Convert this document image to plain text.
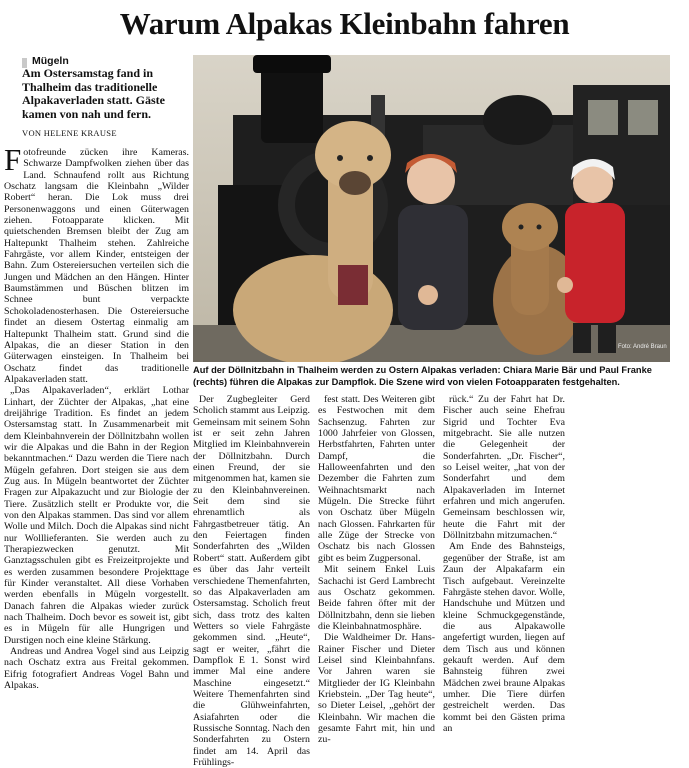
Warum Alpakas Kleinbahn fahren
Mügeln
Am Ostersamstag fand in Thalheim das traditionelle Alpakaverladen statt. Gäste kamen von nah und fern.
VON HELENE KRAUSE

Fotofreunde zücken ihre Kameras. Schwarze Dampfwolken ziehen über das Land. Schnaufend rollt aus Richtung Oschatz langsam die Kleinbahn „Wilder Robert“ heran. Die Lok muss drei Personenwaggons und einen Güterwagen ziehen. Fotoapparate klicken. Mit quietschenden Bremsen bleibt der Zug am Haltepunkt Thalheim stehen. Zahlreiche Fahrgäste, vor allem Kinder, entsteigen der Bahn. Zum Ostereiersuchen verteilen sich die Jungen und Mädchen an den Hängen. Hinter Baumstämmen und Büschen blitzen im Schnee bunt verpackte Schokoladenosterhasen. Die Ostereiersuche findet an diesem Ostertag einmalig am Haltepunkt Thalheim statt. Grund sind die Alpakas, die an dieser Station in den Güterwagen einsteigen. In Thalheim bei Oschatz findet das traditionelle Alpakaverladen statt.

„Das Alpakaverladen“, erklärt Lothar Linhart, der Züchter der Alpakas, „hat eine dreijährige Tradition. Es findet an jedem Ostersamstag statt. In Zusammenarbeit mit dem Kleinbahnverein der Döllnitzbahn wollen wir die Alpakas und die Bahn in der Region bekanntmachen.“ Dazu werden die Tiere nach Mügeln gefahren. Dort steigen sie aus dem Zug aus. In Mügeln beantwortet der Züchter Fragen zur Alpakazucht und zur Biologie der Tiere. Zusätzlich stellt er Produkte vor, die von den Alpakas stammen. Das sind vor allem Wolle und Milch. Doch die Alpakas sind nicht nur Wolllieferanten. Sie werden auch zu Therapiezwecken genutzt. Mit Ganztagsschulen gibt es Freizeitprojekte und es werden zusammen besondere Projekttage für Kinder veranstaltet. All diese Vorhaben werden ebenfalls in Mügeln vorgestellt. Danach fahren die Alpakas wieder zurück nach Thalheim. Doch bevor es soweit ist, gibt es in Mügeln für alle Hungrigen und Durstigen noch eine kleine Stärkung.

Andreas und Andrea Vogel sind aus Leipzig nach Oschatz extra aus Freital gekommen. Eifrig fotografiert Andreas Vogel Bahn und Alpakas.

Foto: André Braun
Auf der Döllnitzbahn in Thalheim werden zu Ostern Alpakas verladen: Chiara Marie Bär und Paul Franke (rechts) führen die Alpakas zur Dampflok. Die Szene wird von vielen Fotoapparaten festgehalten.

Der Zugbegleiter Gerd Scholich stammt aus Leipzig. Gemeinsam mit seinem Sohn ist er seit zehn Jahren Mitglied im Kleinbahnverein der Döllnitzbahn. Durch einen Freund, der sie mitgenommen hat, kamen sie zu den Kleinbahnvereinen. Seit dem sind sie ehrenamtlich als Fahrgastbetreuer tätig. An den Feiertagen finden Sonderfahrten des „Wilden Robert“ statt. Außerdem gibt es über das Jahr verteilt verschiedene Themenfahrten, so das Alpakaverladen am Ostersamstag. Scholich freut sich, dass trotz des kalten Wetters so viele Fahrgäste gekommen sind. „Heute“, sagt er weiter, „fährt die Dampflok E 1. Sonst wird immer Mal eine andere Maschine eingesetzt.“ Weitere Themenfahrten sind die Glühweinfahrten, Asiafahrten oder die Russische Sonntag. Nach den Sonderfahrten zu Ostern findet am 14. April das Frühlings-

fest statt. Des Weiteren gibt es Festwochen mit dem Sachsenzug. Fahrten zur 1000 Jahrfeier von Glossen, Herbstfahrten, Fahrten unter Dampf, die Halloweenfahrten und den Dezember die Fahrten zum Weihnachtsmarkt nach Mügeln. Die Strecke führt von Oschatz über Mügeln nach Glossen. Fahrkarten für alle Züge der Strecke von Oschatz bis nach Glossen gibt es beim Zugpersonal.

Mit seinem Enkel Luis Sachachi ist Gerd Lambrecht aus Oschatz gekommen. Beide fahren öfter mit der Döllnitzbahn, denn sie lieben die Kleinbahnatmosphäre.

Die Waldheimer Dr. Hans-Rainer Fischer und Dieter Leisel sind Kleinbahnfans. Vor Jahren waren sie Mitglieder der IG Kleinbahn Kriebstein. „Der Tag heute“, so Dieter Leisel, „gehört der Kleinbahn. Wir machen die gesamte Fahrt mit, hin und zu-

rück.“ Zu der Fahrt hat Dr. Fischer auch seine Ehefrau Sigrid und Tochter Eva mitgebracht. Sie alle nutzen die Gelegenheit der Sonderfahrten. „Dr. Fischer“, so Leisel weiter, „hat von der Sonderfahrt und dem Alpakaverladen im Internet erfahren und mich angerufen. Gemeinsam beschlossen wir, heute die Fahrt mit der Döllnitzbahn mitzumachen.“

Am Ende des Bahnsteigs, gegenüber der Straße, ist am Zaun der Alpakafarm ein Tisch aufgebaut. Vereinzelte Fahrgäste stehen davor. Wolle, Handschuhe und Mützen und kleine Schmuckgegenstände, die aus Alpakawolle angefertigt wurden, liegen auf dem Tisch aus und können gekauft werden. Auf dem Bahnsteig führen zwei Mädchen zwei braune Alpakas umher. Die Tiere dürfen gestreichelt werden. Das kommt bei den Gästen prima an
